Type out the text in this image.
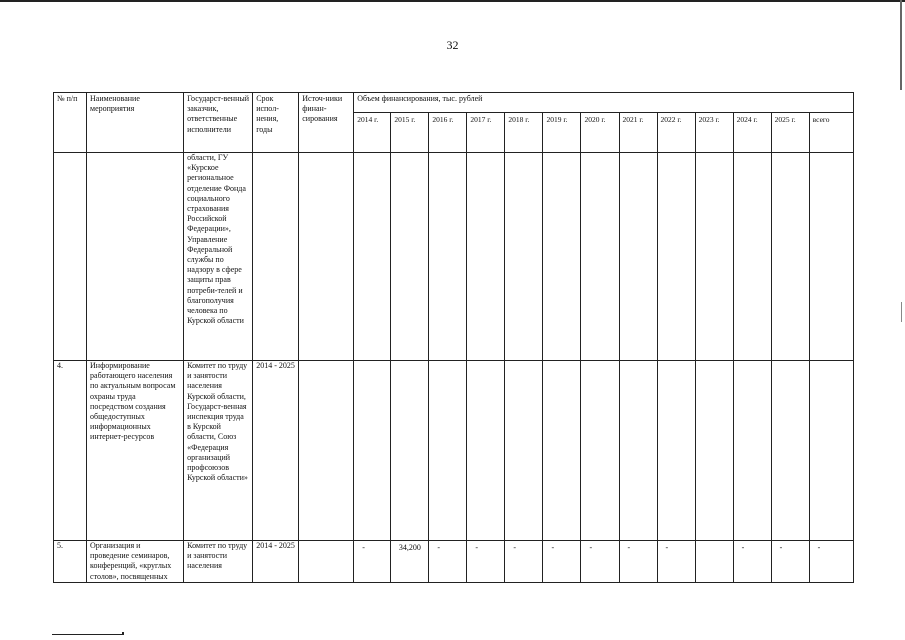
32
№ п/п	Наименование мероприятия	Государст-венный заказчик, ответственные исполнители	Срок испол-нения, годы	Источ-ники финан-сирования	Объем финансирования, тыс. рублей												
					2014 г.	2015 г.	2016 г.	2017 г.	2018 г.	2019 г.	2020 г.	2021 г.	2022 г.	2023 г.	2024 г.	2025 г.	всего
		области, ГУ «Курское региональное отделение Фонда социального страхования Российской Федерации», Управление Федеральной службы по надзору в сфере защиты прав потреби-телей и благополучия человека по Курской области															
4.	Информирование работающего населения по актуальным вопросам охраны труда посредством создания общедоступных информационных интернет-ресурсов	Комитет по труду и занятости населения Курской области, Государст-венная инспекция труда в Курской области, Союз «Федерация организаций профсоюзов Курской области»	2014 - 2025														
5.	Организация и проведение семинаров, конференций, «круглых столов», посвященных	Комитет по труду и занятости населения	2014 - 2025		-	34,200	-	-	-	-	-	-	-		-	-	-
